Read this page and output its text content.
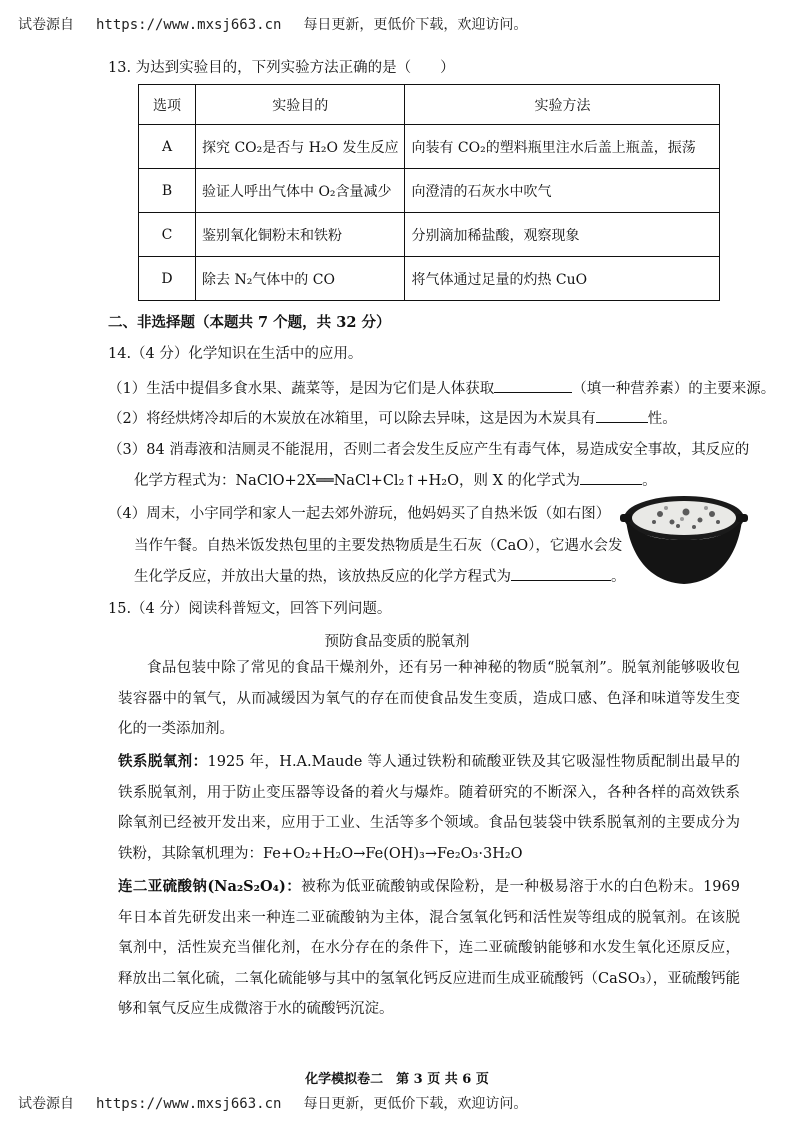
试卷源自 https://www.mxsj663.cn 每日更新，更低价下载，欢迎访问。
13. 为达到实验目的，下列实验方法正确的是（　　）
选项	实验目的	实验方法
A	探究 CO₂是否与 H₂O 发生反应	向装有 CO₂的塑料瓶里注水后盖上瓶盖，振荡
B	验证人呼出气体中 O₂含量减少	向澄清的石灰水中吹气
C	鉴别氧化铜粉末和铁粉	分别滴加稀盐酸，观察现象
D	除去 N₂气体中的 CO	将气体通过足量的灼热 CuO
二、非选择题（本题共 7 个题，共 32 分）
14.（4 分）化学知识在生活中的应用。
（1）生活中提倡多食水果、蔬菜等，是因为它们是人体获取	（填一种营养素）的主要来源。
（2）将经烘烤冷却后的木炭放在冰箱里，可以除去异味，这是因为木炭具有	性。
（3）84 消毒液和洁厕灵不能混用，否则二者会发生反应产生有毒气体，易造成安全事故，其反应的
化学方程式为：NaClO+2X══NaCl+Cl₂↑+H₂O，则 X 的化学式为	。
（4）周末，小宇同学和家人一起去郊外游玩，他妈妈买了自热米饭（如右图）
当作午餐。自热米饭发热包里的主要发热物质是生石灰（CaO），它遇水会发
生化学反应，并放出大量的热，该放热反应的化学方程式为	。
15.（4 分）阅读科普短文，回答下列问题。
预防食品变质的脱氧剂
食品包装中除了常见的食品干燥剂外，还有另一种神秘的物质“脱氧剂”。脱氧剂能够吸收包装容器中的氧气，从而减缓因为氧气的存在而使食品发生变质，造成口感、色泽和味道等发生变化的一类添加剂。
铁系脱氧剂：1925 年，H.A.Maude 等人通过铁粉和硫酸亚铁及其它吸湿性物质配制出最早的铁系脱氧剂，用于防止变压器等设备的着火与爆炸。随着研究的不断深入，各种各样的高效铁系除氧剂已经被开发出来，应用于工业、生活等多个领域。食品包装袋中铁系脱氧剂的主要成分为铁粉，其除氧机理为：Fe+O₂+H₂O→Fe(OH)₃→Fe₂O₃·3H₂O
连二亚硫酸钠(Na₂S₂O₄)：被称为低亚硫酸钠或保险粉，是一种极易溶于水的白色粉末。1969 年日本首先研发出来一种连二亚硫酸钠为主体，混合氢氧化钙和活性炭等组成的脱氧剂。在该脱氧剂中，活性炭充当催化剂，在水分存在的条件下，连二亚硫酸钠能够和水发生氧化还原反应，释放出二氧化硫，二氧化硫能够与其中的氢氧化钙反应进而生成亚硫酸钙（CaSO₃），亚硫酸钙能够和氧气反应生成微溶于水的硫酸钙沉淀。
化学模拟卷二　第 3 页 共 6 页
试卷源自 https://www.mxsj663.cn 每日更新，更低价下载，欢迎访问。
